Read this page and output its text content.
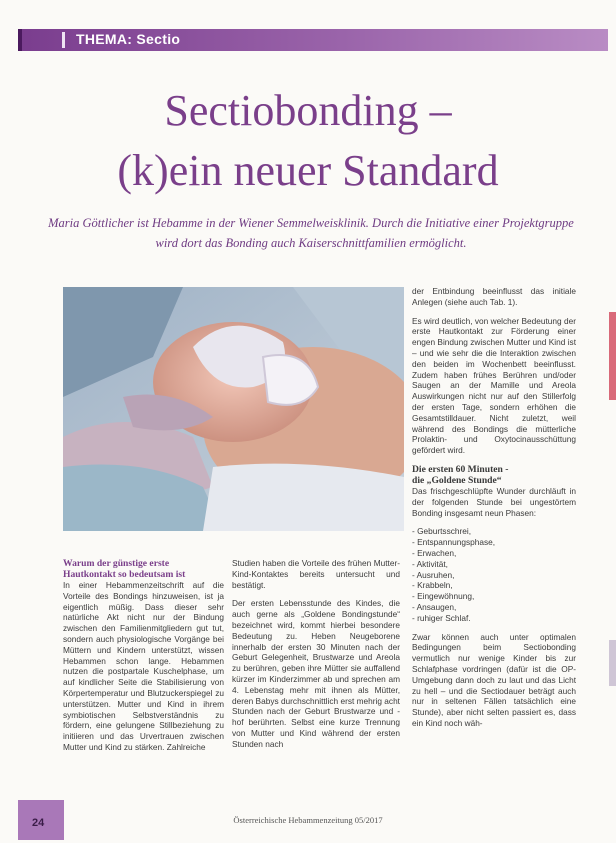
THEMA: Sectio
Sectiobonding –
(k)ein neuer Standard
Maria Göttlicher ist Hebamme in der Wiener Semmelweisklinik. Durch die Initiative einer Projektgruppe wird dort das Bonding auch Kaiserschnittfamilien ermöglicht.

Warum der günstige erste Hautkontakt so bedeutsam ist

In einer Hebammenzeitschrift auf die Vorteile des Bondings hinzuweisen, ist ja eigentlich müßig. Dass dieser sehr natürliche Akt nicht nur der Bindung zwischen den Familienmitgliedern gut tut, sondern auch physiologische Vorgänge bei Müttern und Kindern unterstützt, wissen Hebammen schon lange. Hebammen nutzen die postpartale Kuschelphase, um auf kindlicher Seite die Stabilisierung von Körpertemperatur und Blutzuckerspiegel zu unterstützen. Mutter und Kind in ihrem symbiotischen Selbstverständnis zu fördern, eine gelungene Stillbeziehung zu initiieren und das Urvertrauen zwischen Mutter und Kind zu stärken. Zahlreiche

Studien haben die Vorteile des frühen Mutter-Kind-Kontaktes bereits untersucht und bestätigt.

Der ersten Lebensstunde des Kindes, die auch gerne als „Goldene Bondingstunde“ bezeichnet wird, kommt hierbei besondere Bedeutung zu. Heben Neugeborene innerhalb der ersten 30 Minuten nach der Geburt Gelegenheit, Brustwarze und Areola zu berühren, geben ihre Mütter sie auffallend kürzer im Kinderzimmer ab und sprechen am 4. Lebenstag mehr mit ihnen als Mütter, deren Babys durchschnittlich erst mehrig acht Stunden nach der Geburt Brustwarze und -hof berührten. Selbst eine kurze Trennung von Mutter und Kind während der ersten Stunden nach

der Entbindung beeinflusst das initiale Anlegen (siehe auch Tab. 1).

Es wird deutlich, von welcher Bedeutung der erste Hautkontakt zur Förderung einer engen Bindung zwischen Mutter und Kind ist – und wie sehr die die Interaktion zwischen den beiden im Wochenbett beeinflusst. Zudem haben frühes Berühren und/oder Saugen an der Mamille und Areola Auswirkungen nicht nur auf den Stillerfolg der ersten Tage, sondern erhöhen die Gesamtstilldauer. Nicht zuletzt, weil während des Bondings die mütterliche Prolaktin- und Oxytocinausschüttung gefördert wird.

Die ersten 60 Minuten -

die „Goldene Stunde“

Das frischgeschlüpfte Wunder durchläuft in der folgenden Stunde bei ungestörtem Bonding insgesamt neun Phasen:

- Geburtsschrei,
- Entspannungsphase,
- Erwachen,
- Aktivität,
- Ausruhen,
- Krabbeln,
- Eingewöhnung,
- Ansaugen,
- ruhiger Schlaf.

Zwar können auch unter optimalen Bedingungen beim Sectiobonding vermutlich nur wenige Kinder bis zur Schlafphase vordringen (dafür ist die OP-Umgebung dann doch zu laut und das Licht zu hell – und die Sectiodauer beträgt auch nur in seltenen Fällen tatsächlich eine Stunde), aber nicht selten passiert es, dass ein Kind noch wäh-

24	Österreichische Hebammenzeitung 05/2017
